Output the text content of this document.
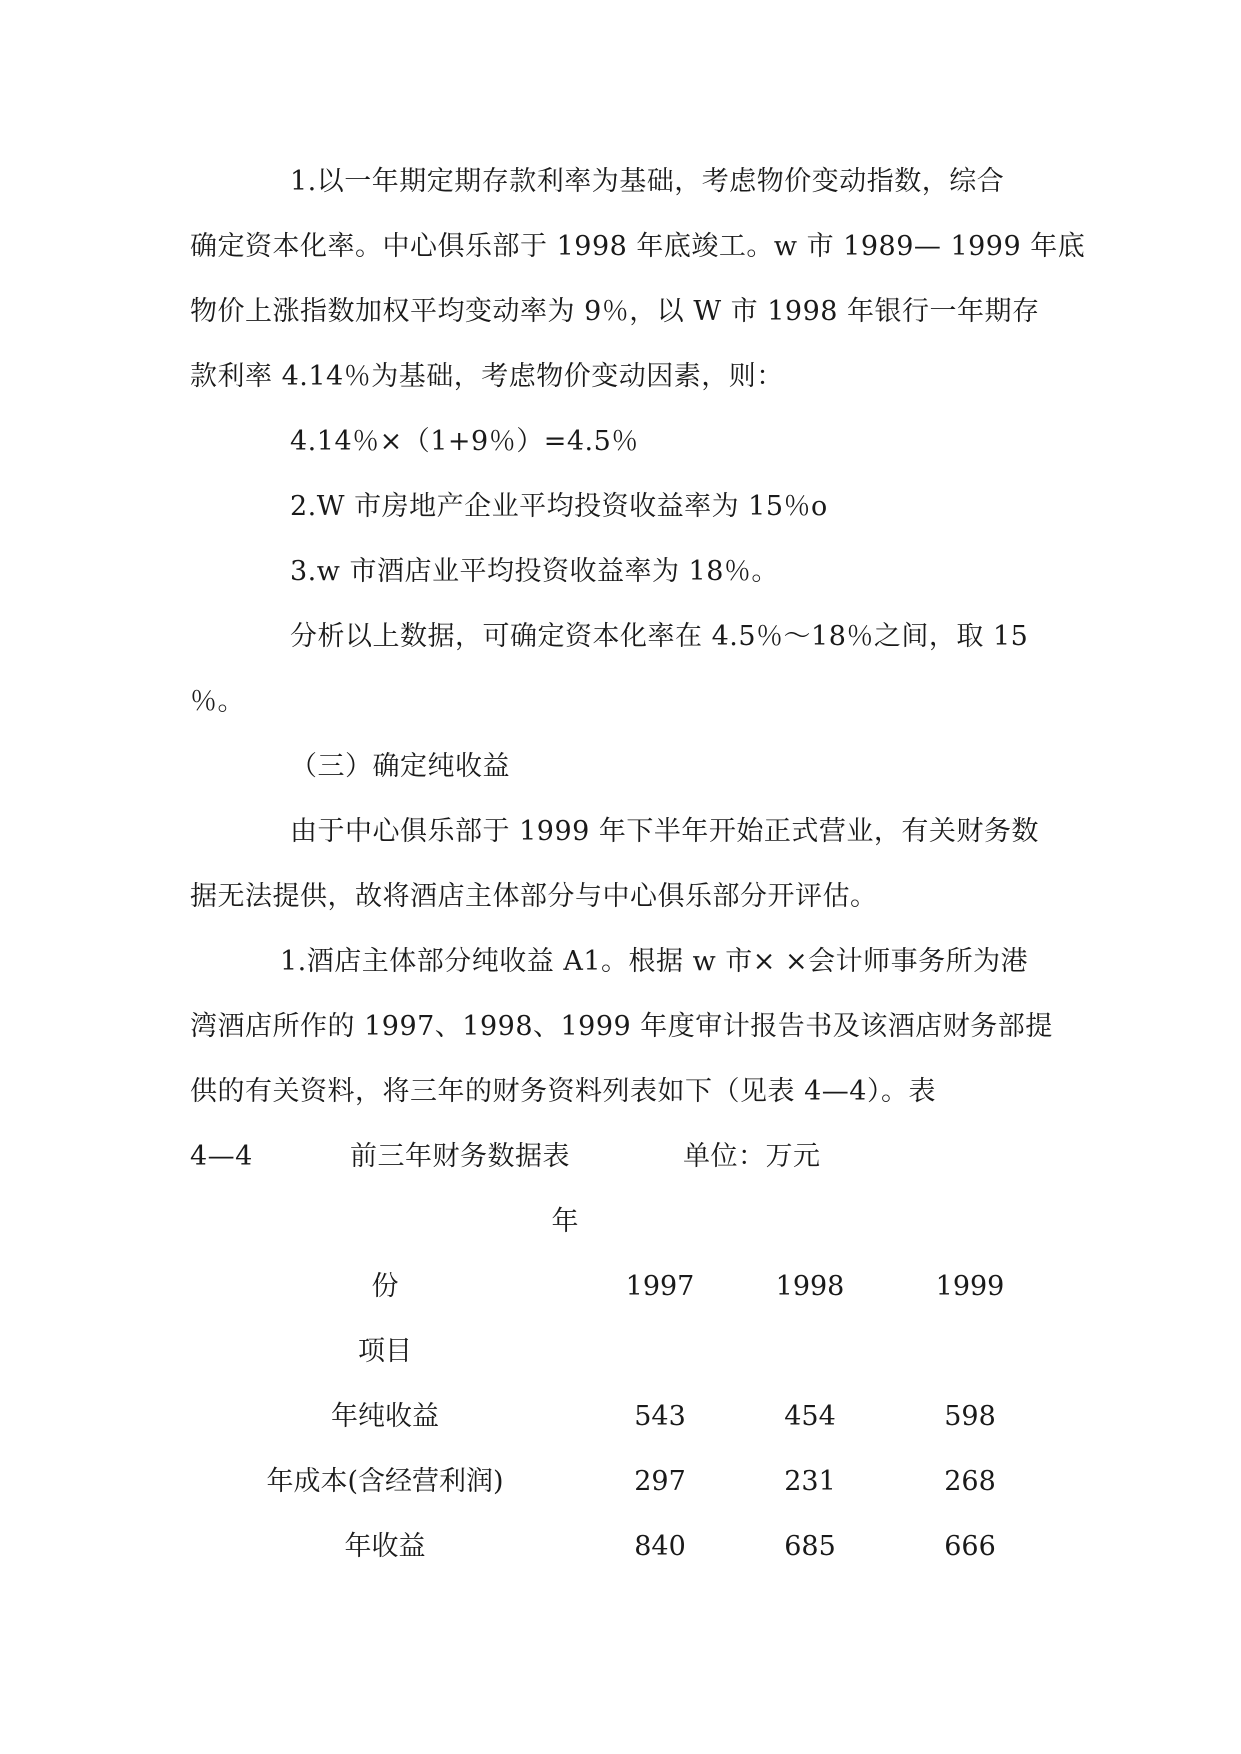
1.以一年期定期存款利率为基础，考虑物价变动指数，综合
确定资本化率。中心俱乐部于 1998 年底竣工。w 市 1989— 1999 年底
物价上涨指数加权平均变动率为 9％，以 W 市 1998 年银行一年期存
款利率 4.14％为基础，考虑物价变动因素，则：
4.14％×（1+9％）=4.5％
2.W 市房地产企业平均投资收益率为 15％o
3.w 市酒店业平均投资收益率为 18％。
分析以上数据，可确定资本化率在 4.5％～18％之间，取 15
％。
（三）确定纯收益
由于中心俱乐部于 1999 年下半年开始正式营业，有关财务数
据无法提供，故将酒店主体部分与中心俱乐部分开评估。
1.酒店主体部分纯收益 A1。根据 w 市× ×会计师事务所为港
湾酒店所作的 1997、1998、1999 年度审计报告书及该酒店财务部提
供的有关资料，将三年的财务资料列表如下（见表 4—4）。表
4—4	前三年财务数据表	单位：万元
年
份	1997	1998	1999
项目
年纯收益	543	454	598
年成本(含经营利润)	297	231	268
年收益	840	685	666
